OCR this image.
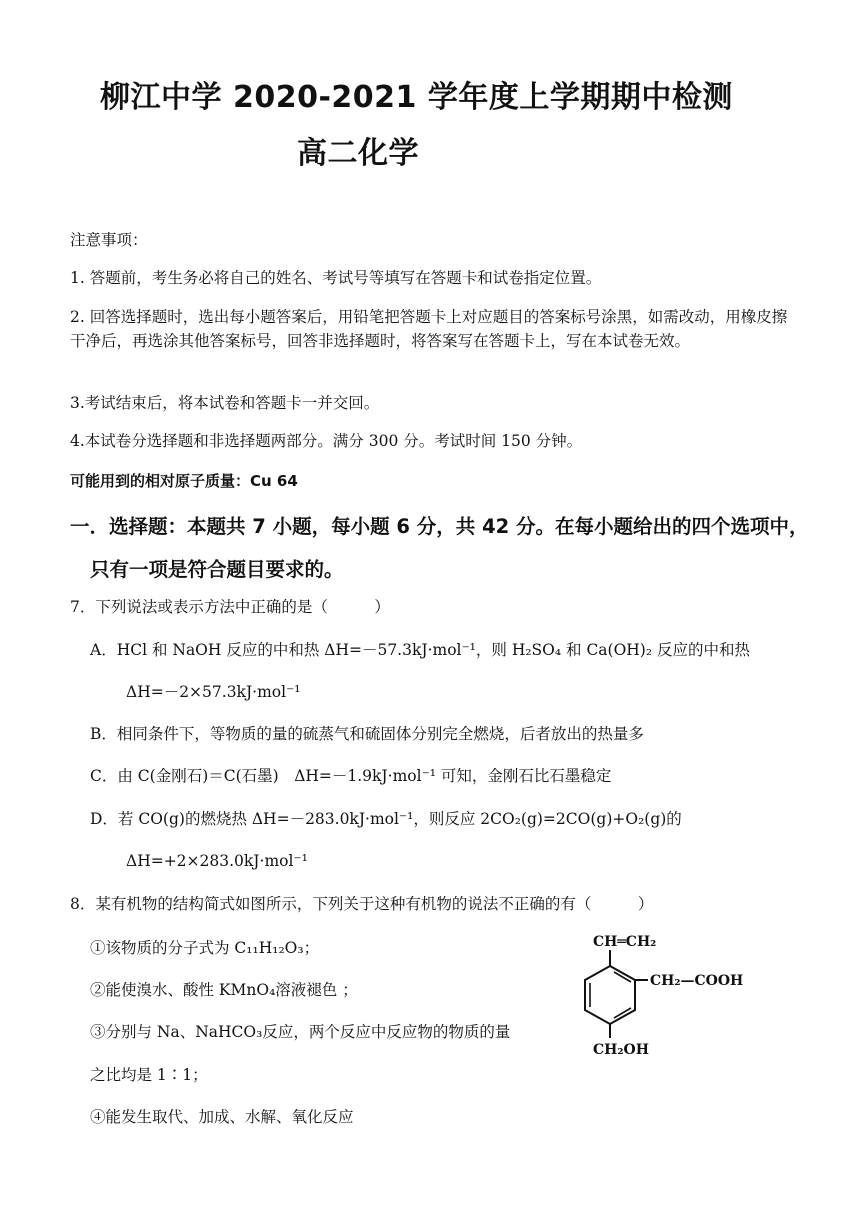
柳江中学 2020-2021 学年度上学期期中检测
高二化学
注意事项：
1. 答题前，考生务必将自己的姓名、考试号等填写在答题卡和试卷指定位置。
2. 回答选择题时，选出每小题答案后，用铅笔把答题卡上对应题目的答案标号涂黑，如需改动，用橡皮擦干净后，再选涂其他答案标号，回答非选择题时，将答案写在答题卡上，写在本试卷无效。
3.考试结束后，将本试卷和答题卡一并交回。
4.本试卷分选择题和非选择题两部分。满分 300 分。考试时间 150 分钟。
可能用到的相对原子质量：Cu 64
一．选择题：本题共 7 小题，每小题 6 分，共 42 分。在每小题给出的四个选项中，
只有一项是符合题目要求的。
7．下列说法或表示方法中正确的是（　　　）
A．HCl 和 NaOH 反应的中和热 ΔH=－57.3kJ·mol⁻¹，则 H₂SO₄ 和 Ca(OH)₂ 反应的中和热
ΔH=－2×57.3kJ·mol⁻¹
B．相同条件下，等物质的量的硫蒸气和硫固体分别完全燃烧，后者放出的热量多
C．由 C(金刚石)＝C(石墨)　ΔH=－1.9kJ·mol⁻¹ 可知，金刚石比石墨稳定
D．若 CO(g)的燃烧热 ΔH=－283.0kJ·mol⁻¹，则反应 2CO₂(g)=2CO(g)+O₂(g)的
ΔH=+2×283.0kJ·mol⁻¹
8．某有机物的结构简式如图所示，下列关于这种有机物的说法不正确的有（　　　）
①该物质的分子式为 C₁₁H₁₂O₃；
②能使溴水、酸性 KMnO₄溶液褪色 ；
③分别与 Na、NaHCO₃反应，两个反应中反应物的物质的量
之比均是 1∶1；
④能发生取代、加成、水解、氧化反应
CH═CH₂
CH₂—COOH
CH₂OH
